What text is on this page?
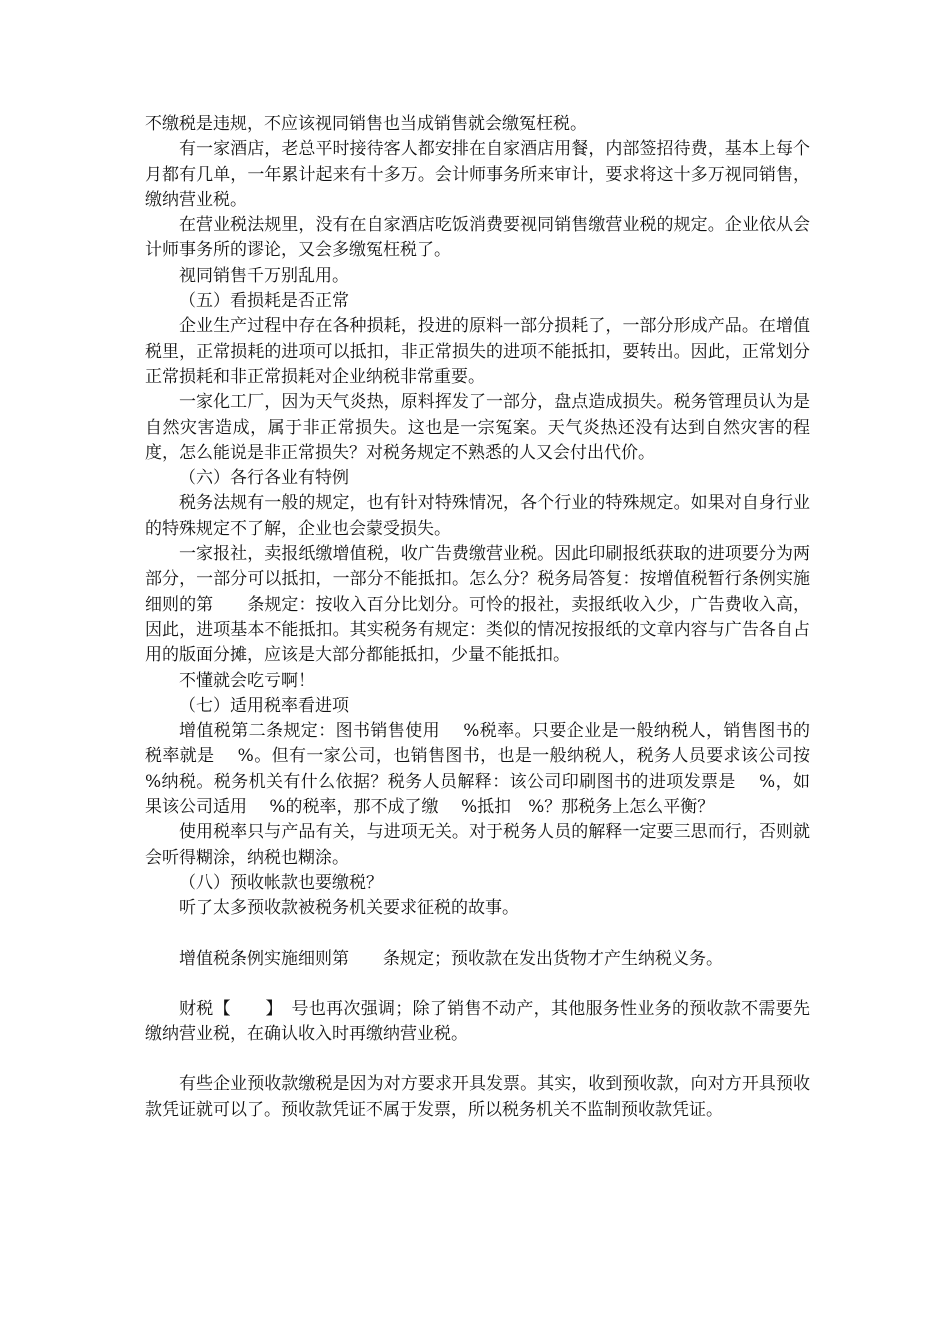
不缴税是违规，不应该视同销售也当成销售就会缴冤枉税。

有一家酒店，老总平时接待客人都安排在自家酒店用餐，内部签招待费，基本上每个月都有几单，一年累计起来有十多万。会计师事务所来审计，要求将这十多万视同销售，缴纳营业税。

在营业税法规里，没有在自家酒店吃饭消费要视同销售缴营业税的规定。企业依从会计师事务所的谬论，又会多缴冤枉税了。

视同销售千万别乱用。

（五）看损耗是否正常

企业生产过程中存在各种损耗，投进的原料一部分损耗了，一部分形成产品。在增值税里，正常损耗的进项可以抵扣，非正常损失的进项不能抵扣，要转出。因此，正常划分正常损耗和非正常损耗对企业纳税非常重要。

一家化工厂，因为天气炎热，原料挥发了一部分，盘点造成损失。税务管理员认为是自然灾害造成，属于非正常损失。这也是一宗冤案。天气炎热还没有达到自然灾害的程度，怎么能说是非正常损失？对税务规定不熟悉的人又会付出代价。

（六）各行各业有特例

税务法规有一般的规定，也有针对特殊情况，各个行业的特殊规定。如果对自身行业的特殊规定不了解，企业也会蒙受损失。

一家报社，卖报纸缴增值税，收广告费缴营业税。因此印刷报纸获取的进项要分为两部分，一部分可以抵扣，一部分不能抵扣。怎么分？税务局答复：按增值税暂行条例实施细则的第　　条规定：按收入百分比划分。可怜的报社，卖报纸收入少，广告费收入高，因此，进项基本不能抵扣。其实税务有规定：类似的情况按报纸的文章内容与广告各自占用的版面分摊，应该是大部分都能抵扣，少量不能抵扣。

不懂就会吃亏啊！

（七）适用税率看进项

增值税第二条规定：图书销售使用　 %税率。只要企业是一般纳税人，销售图书的税率就是　 %。但有一家公司，也销售图书，也是一般纳税人，税务人员要求该公司按　 %纳税。税务机关有什么依据？税务人员解释：该公司印刷图书的进项发票是　 %，如果该公司适用　 %的税率，那不成了缴　 %抵扣　%？那税务上怎么平衡？

使用税率只与产品有关，与进项无关。对于税务人员的解释一定要三思而行，否则就会听得糊涂，纳税也糊涂。

（八）预收帐款也要缴税？

听了太多预收款被税务机关要求征税的故事。

增值税条例实施细则第　　条规定；预收款在发出货物才产生纳税义务。

财税【　　】　号也再次强调；除了销售不动产，其他服务性业务的预收款不需要先缴纳营业税，在确认收入时再缴纳营业税。

有些企业预收款缴税是因为对方要求开具发票。其实，收到预收款，向对方开具预收款凭证就可以了。预收款凭证不属于发票，所以税务机关不监制预收款凭证。
